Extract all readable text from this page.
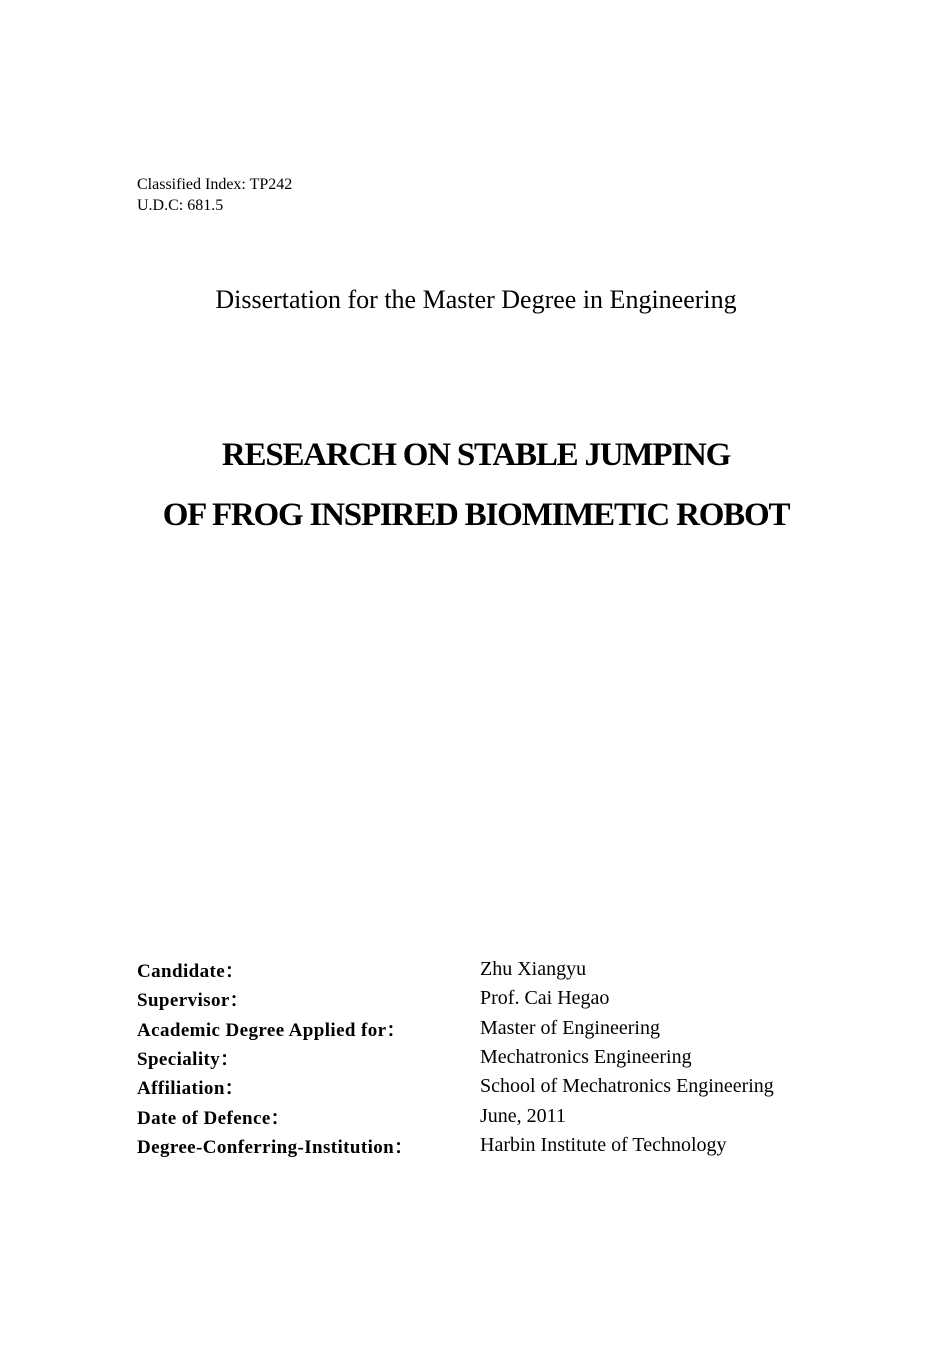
Classified Index: TP242
U.D.C: 681.5
Dissertation for the Master Degree in Engineering
RESEARCH ON STABLE JUMPING
OF FROG INSPIRED BIOMIMETIC ROBOT
Candidate：	Zhu Xiangyu
Supervisor：	Prof. Cai Hegao
Academic Degree Applied for：	Master of Engineering
Speciality：	Mechatronics Engineering
Affiliation：	School of Mechatronics Engineering
Date of Defence：	June, 2011
Degree-Conferring-Institution：	Harbin Institute of Technology
